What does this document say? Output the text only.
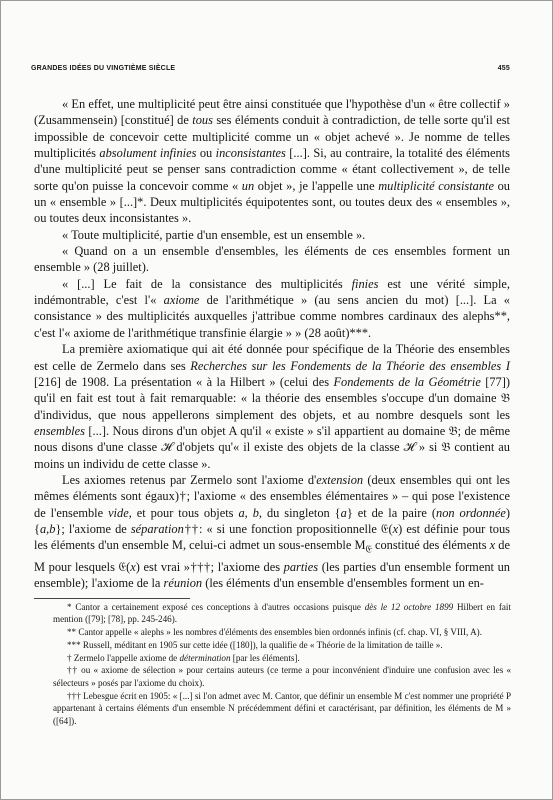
GRANDES IDÉES DU VINGTIÈME SIÈCLE	455

« En effet, une multiplicité peut être ainsi constituée que l'hypothèse d'un « être collectif » (Zusammensein) [constitué] de tous ses éléments conduit à contradiction, de telle sorte qu'il est impossible de concevoir cette multiplicité comme un « objet achevé ». Je nomme de telles multiplicités absolument infinies ou inconsistantes [...]. Si, au contraire, la totalité des éléments d'une multiplicité peut se penser sans contradiction comme « étant collectivement », de telle sorte qu'on puisse la concevoir comme « un objet », je l'appelle une multiplicité consistante ou un « ensemble » [...]*. Deux multiplicités équipotentes sont, ou toutes deux des « ensembles », ou toutes deux inconsistantes ».

« Toute multiplicité, partie d'un ensemble, est un ensemble ».

« Quand on a un ensemble d'ensembles, les éléments de ces ensembles forment un ensemble » (28 juillet).

« [...] Le fait de la consistance des multiplicités finies est une vérité simple, indémontrable, c'est l'« axiome de l'arithmétique » (au sens ancien du mot) [...]. La « consistance » des multiplicités auxquelles j'attribue comme nombres cardinaux des alephs**, c'est l'« axiome de l'arithmétique transfinie élargie » » (28 août)***.

La première axiomatique qui ait été donnée pour spécifique de la Théorie des ensembles est celle de Zermelo dans ses Recherches sur les Fondements de la Théorie des ensembles I [216] de 1908. La présentation « à la Hilbert » (celui des Fondements de la Géométrie [77]) qu'il en fait est tout à fait remarquable: « la théorie des ensembles s'occupe d'un domaine 𝔅 d'individus, que nous appellerons simplement des objets, et au nombre desquels sont les ensembles [...]. Nous dirons d'un objet A qu'il « existe » s'il appartient au domaine 𝔅; de même nous disons d'une classe ℋ d'objets qu'« il existe des objets de la classe ℋ » si 𝔅 contient au moins un individu de cette classe ».

Les axiomes retenus par Zermelo sont l'axiome d'extension (deux ensembles qui ont les mêmes éléments sont égaux)†; l'axiome « des ensembles élémentaires » – qui pose l'existence de l'ensemble vide, et pour tous objets a, b, du singleton {a} et de la paire (non ordonnée) {a,b}; l'axiome de séparation††: « si une fonction propositionnelle 𝔈(x) est définie pour tous les éléments d'un ensemble M, celui-ci admet un sous-ensemble $M_𝔈$ constitué des éléments x de M pour lesquels 𝔈(x) est vrai »†††; l'axiome des parties (les parties d'un ensemble forment un ensemble); l'axiome de la réunion (les éléments d'un ensemble d'ensembles forment un en-

* Cantor a certainement exposé ces conceptions à d'autres occasions puisque dès le 12 octobre 1899 Hilbert en fait mention ([79]; [78], pp. 245-246).

** Cantor appelle « alephs » les nombres d'éléments des ensembles bien ordonnés infinis (cf. chap. VI, § VIII, A).

*** Russell, méditant en 1905 sur cette idée ([180]), la qualifie de « Théorie de la limitation de taille ».

† Zermelo l'appelle axiome de détermination [par les éléments].

†† ou « axiome de sélection » pour certains auteurs (ce terme a pour inconvénient d'induire une confusion avec les « sélecteurs » posés par l'axiome du choix).

††† Lebesgue écrit en 1905: « [...] si l'on admet avec M. Cantor, que définir un ensemble M c'est nommer une propriété P appartenant à certains éléments d'un ensemble N précédemment défini et caractérisant, par définition, les éléments de M » ([64]).
